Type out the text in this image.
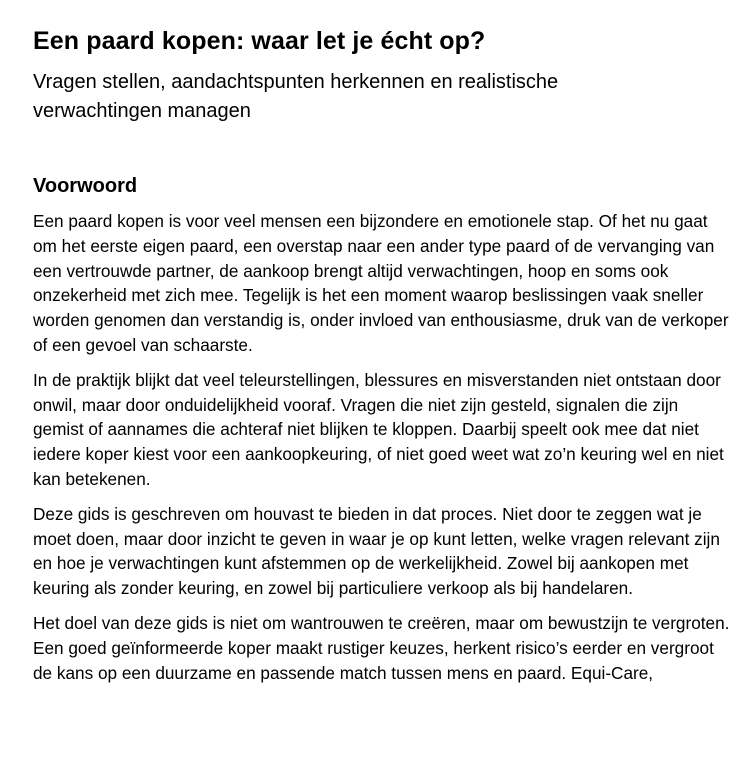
Een paard kopen: waar let je écht op?
Vragen stellen, aandachtspunten herkennen en realistische verwachtingen managen
Voorwoord

Een paard kopen is voor veel mensen een bijzondere en emotionele stap. Of het nu gaat om het eerste eigen paard, een overstap naar een ander type paard of de vervanging van een vertrouwde partner, de aankoop brengt altijd verwachtingen, hoop en soms ook onzekerheid met zich mee. Tegelijk is het een moment waarop beslissingen vaak sneller worden genomen dan verstandig is, onder invloed van enthousiasme, druk van de verkoper of een gevoel van schaarste.

In de praktijk blijkt dat veel teleurstellingen, blessures en misverstanden niet ontstaan door onwil, maar door onduidelijkheid vooraf. Vragen die niet zijn gesteld, signalen die zijn gemist of aannames die achteraf niet blijken te kloppen. Daarbij speelt ook mee dat niet iedere koper kiest voor een aankoopkeuring, of niet goed weet wat zo’n keuring wel en niet kan betekenen.

Deze gids is geschreven om houvast te bieden in dat proces. Niet door te zeggen wat je moet doen, maar door inzicht te geven in waar je op kunt letten, welke vragen relevant zijn en hoe je verwachtingen kunt afstemmen op de werkelijkheid. Zowel bij aankopen met keuring als zonder keuring, en zowel bij particuliere verkoop als bij handelaren.

Het doel van deze gids is niet om wantrouwen te creëren, maar om bewustzijn te vergroten. Een goed geïnformeerde koper maakt rustiger keuzes, herkent risico’s eerder en vergroot de kans op een duurzame en passende match tussen mens en paard. Equi-Care,
